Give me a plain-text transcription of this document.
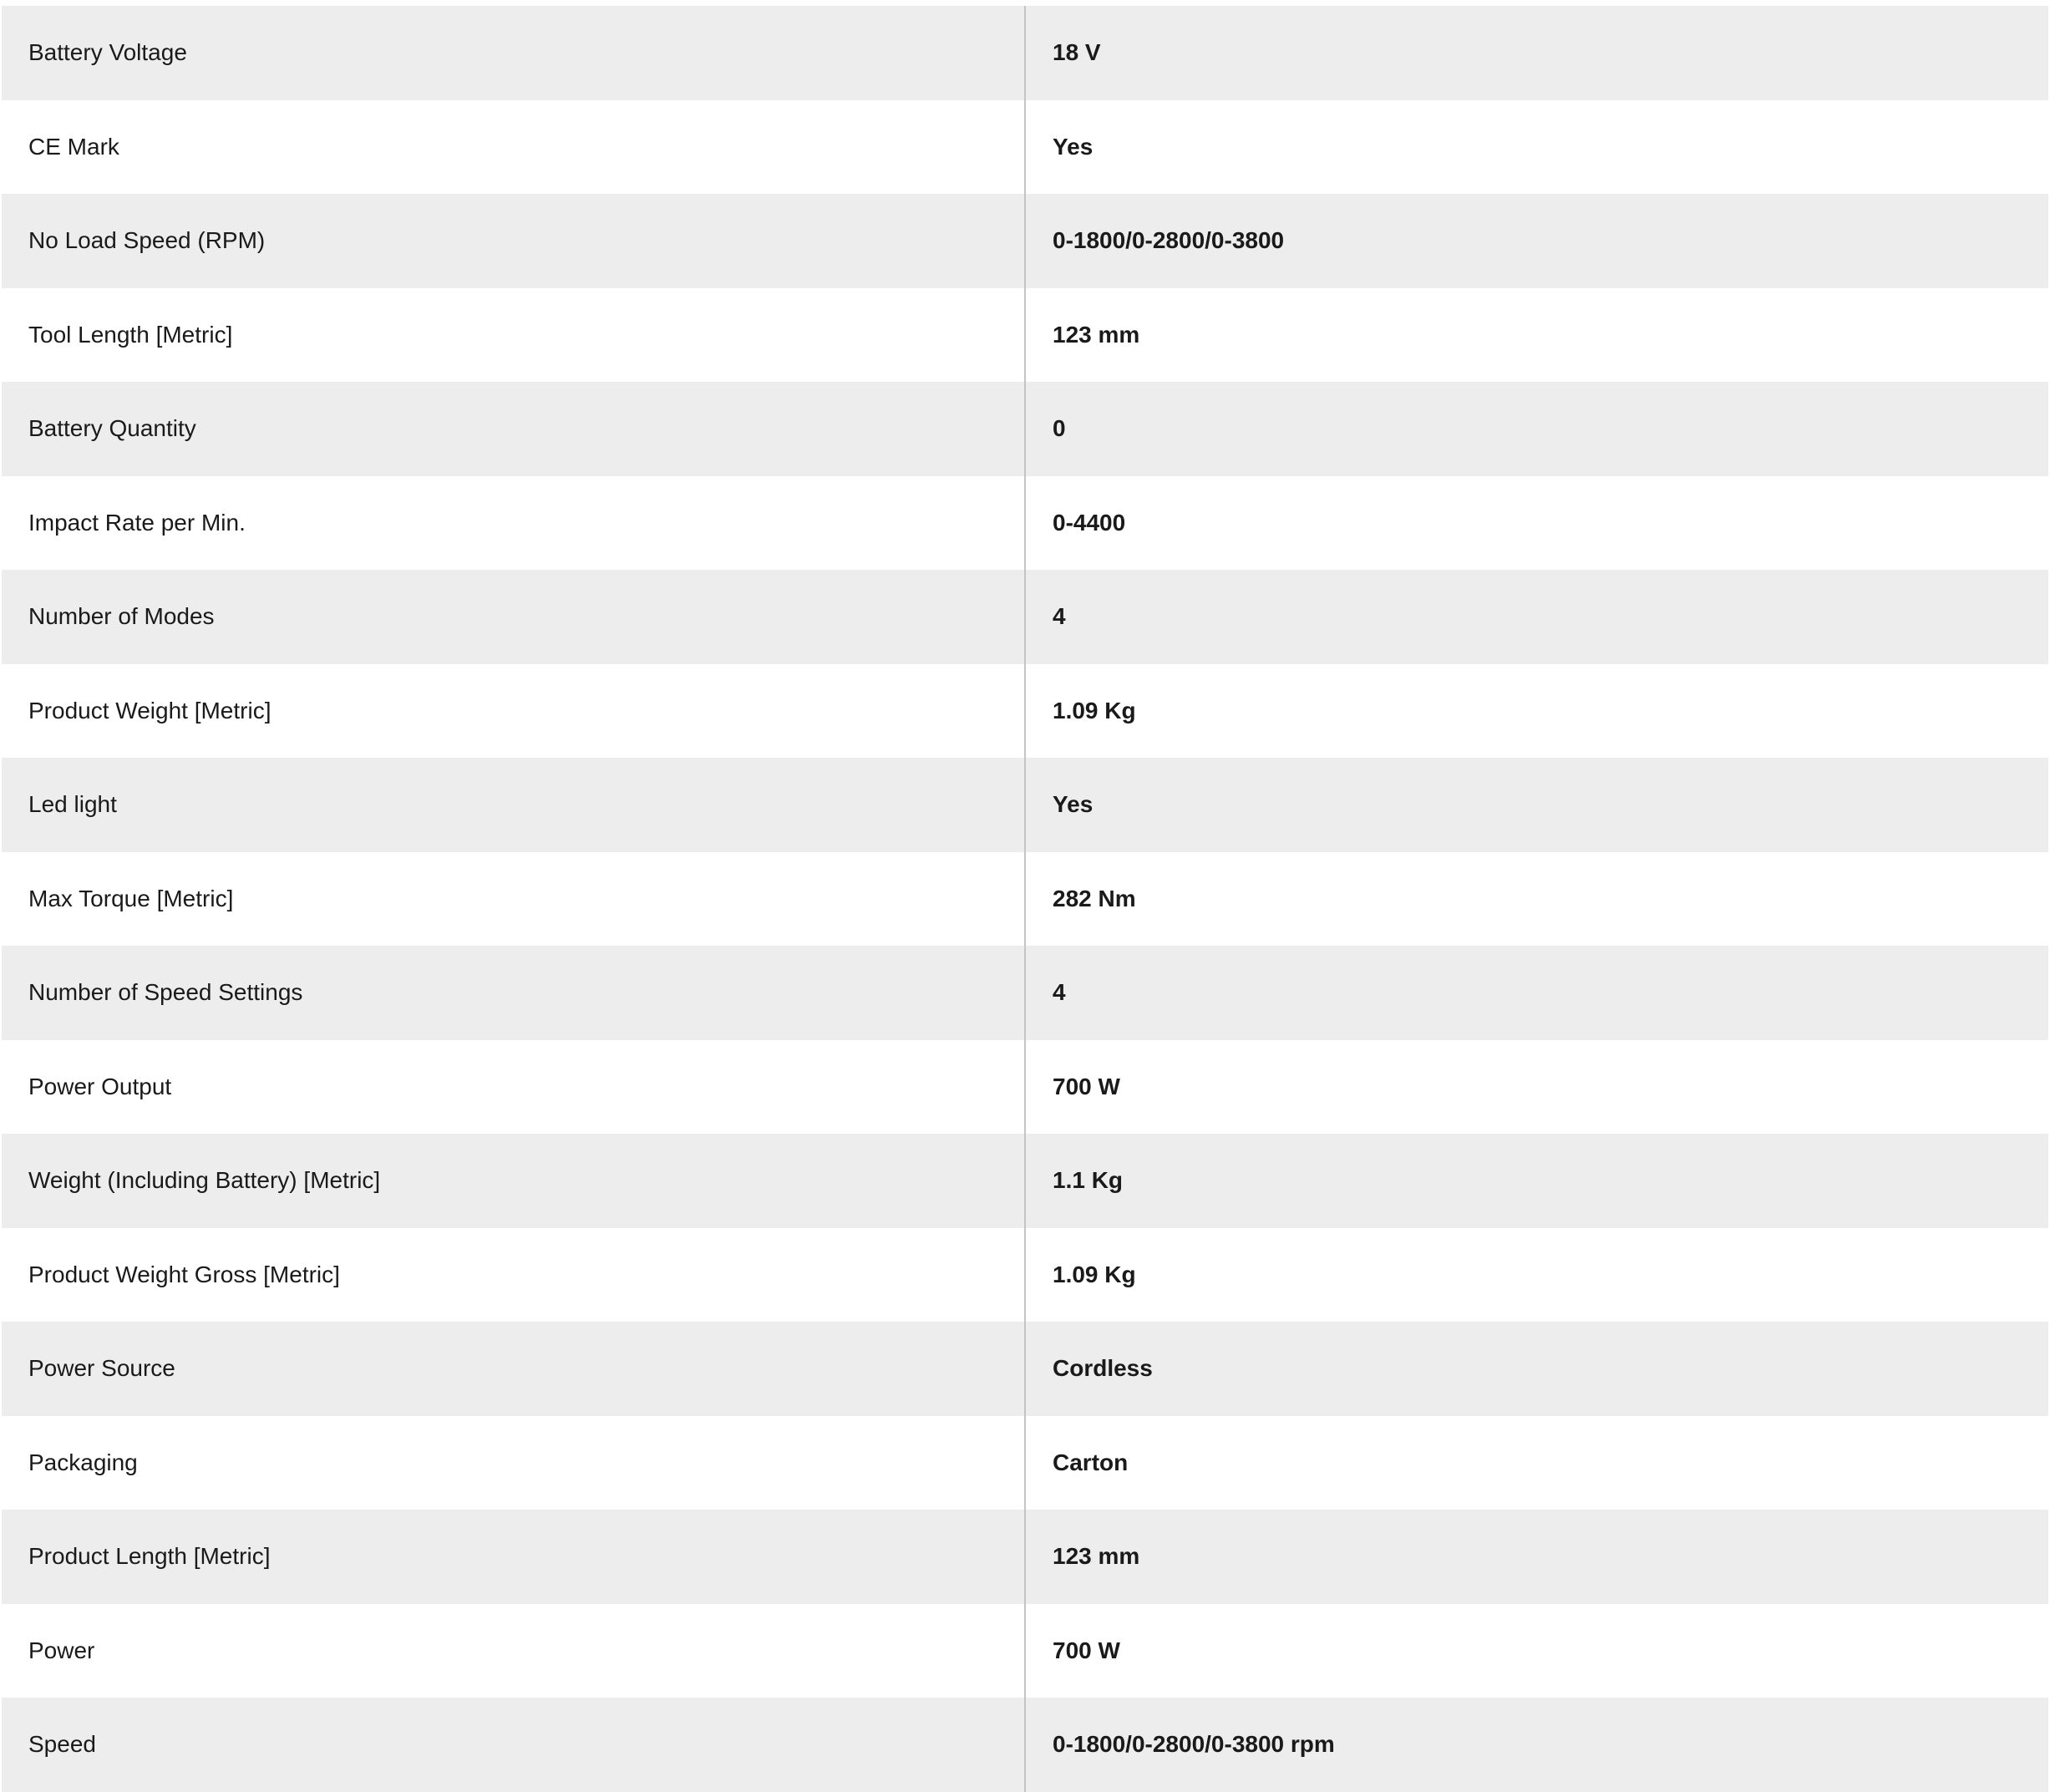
Battery Voltage	18 V
CE Mark	Yes
No Load Speed (RPM)	0-1800/0-2800/0-3800
Tool Length [Metric]	123 mm
Battery Quantity	0
Impact Rate per Min.	0-4400
Number of Modes	4
Product Weight [Metric]	1.09 Kg
Led light	Yes
Max Torque [Metric]	282 Nm
Number of Speed Settings	4
Power Output	700 W
Weight (Including Battery) [Metric]	1.1 Kg
Product Weight Gross [Metric]	1.09 Kg
Power Source	Cordless
Packaging	Carton
Product Length [Metric]	123 mm
Power	700 W
Speed	0-1800/0-2800/0-3800 rpm
